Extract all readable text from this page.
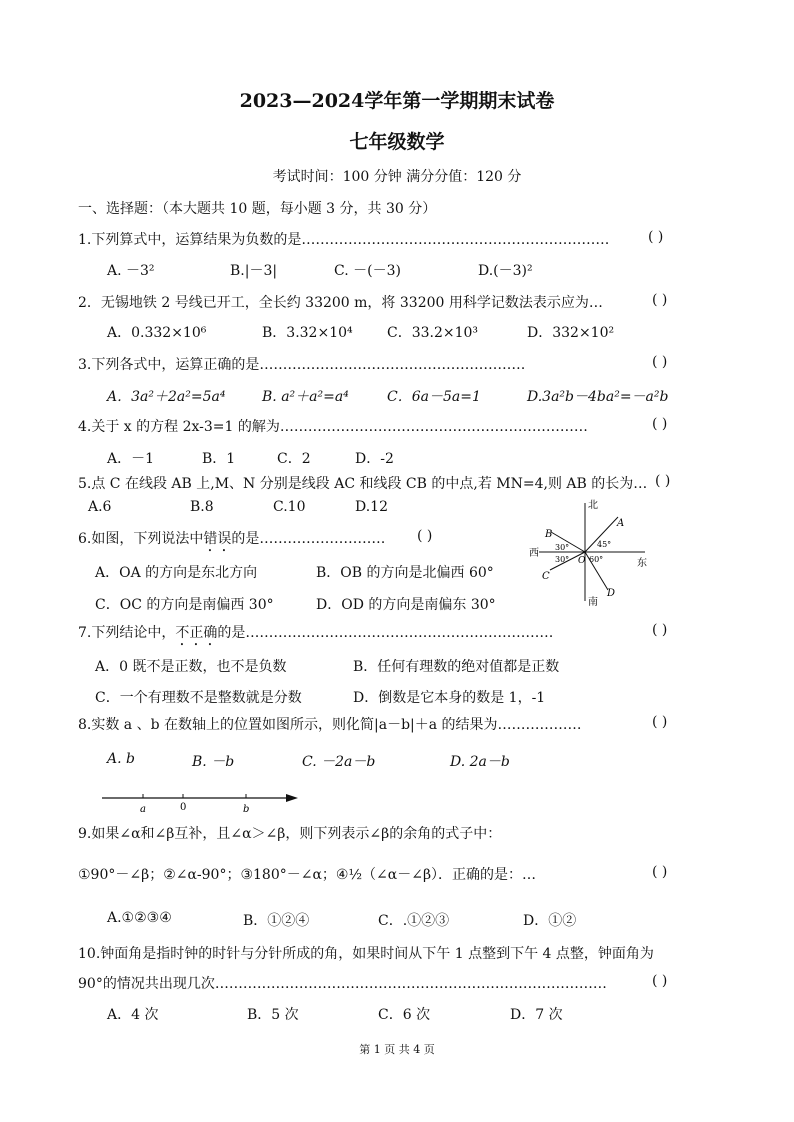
2023—2024学年第一学期期末试卷
七年级数学
考试时间：100 分钟 满分分值：120 分
一、选择题：（本大题共 10 题，每小题 3 分，共 30 分）
1.下列算式中，运算结果为负数的是…………………………………………………………	( )
A. －3²	B.|－3|	C. －(－3)	D.(－3)²
2．无锡地铁 2 号线已开工，全长约 33200 m，将 33200 用科学记数法表示应为…	( )
A．0.332×10⁶	B．3.32×10⁴ C．33.2×10³	D．332×10²
3.下列各式中，运算正确的是…………………………………………………	( )
A．3a²＋2a²=5a⁴	B. a²＋a²=a⁴	C．6a－5a=1	D.3a²b－4ba²=－a²b
4.关于 x 的方程 2x-3=1 的解为…………………………………………………………	( )
A．－1	B．1	C．2	D．-2
5.点 C 在线段 AB 上,M、N 分别是线段 AC 和线段 CB 的中点,若 MN=4,则 AB 的长为… ( )
A.6	B.8	C.10	D.12
6.如图，下列说法中错误的是……………………… ( )
A．OA 的方向是东北方向	B．OB 的方向是北偏西 60°
C．OC 的方向是南偏西 30°	D．OD 的方向是南偏东 30°
北
南
东
西
A
B
C
D
O
30°	45°
30° 60°
7.下列结论中，不正确的是…………………………………………………………	( )
A．0 既不是正数，也不是负数	B．任何有理数的绝对值都是正数
C．一个有理数不是整数就是分数	D．倒数是它本身的数是 1，-1
8.实数 a 、b 在数轴上的位置如图所示，则化简|a－b|＋a 的结果为………………	( )
A. b	B. －b	C. －2a－b	D. 2a－b
a	0	b
9.如果∠α和∠β互补，且∠α＞∠β，则下列表示∠β的余角的式子中：
①90°－∠β；②∠α-90°；③180°－∠α；④½（∠α－∠β）．正确的是：…	( )
A.①②③④	B．①②④	C．.①②③	D．①②
10.钟面角是指时钟的时针与分针所成的角，如果时间从下午 1 点整到下午 4 点整，钟面角为
90°的情况共出现几次…………………………………………………………………………	( )
A．4 次	B．5 次	C．6 次	D．7 次
第 1 页 共 4 页
